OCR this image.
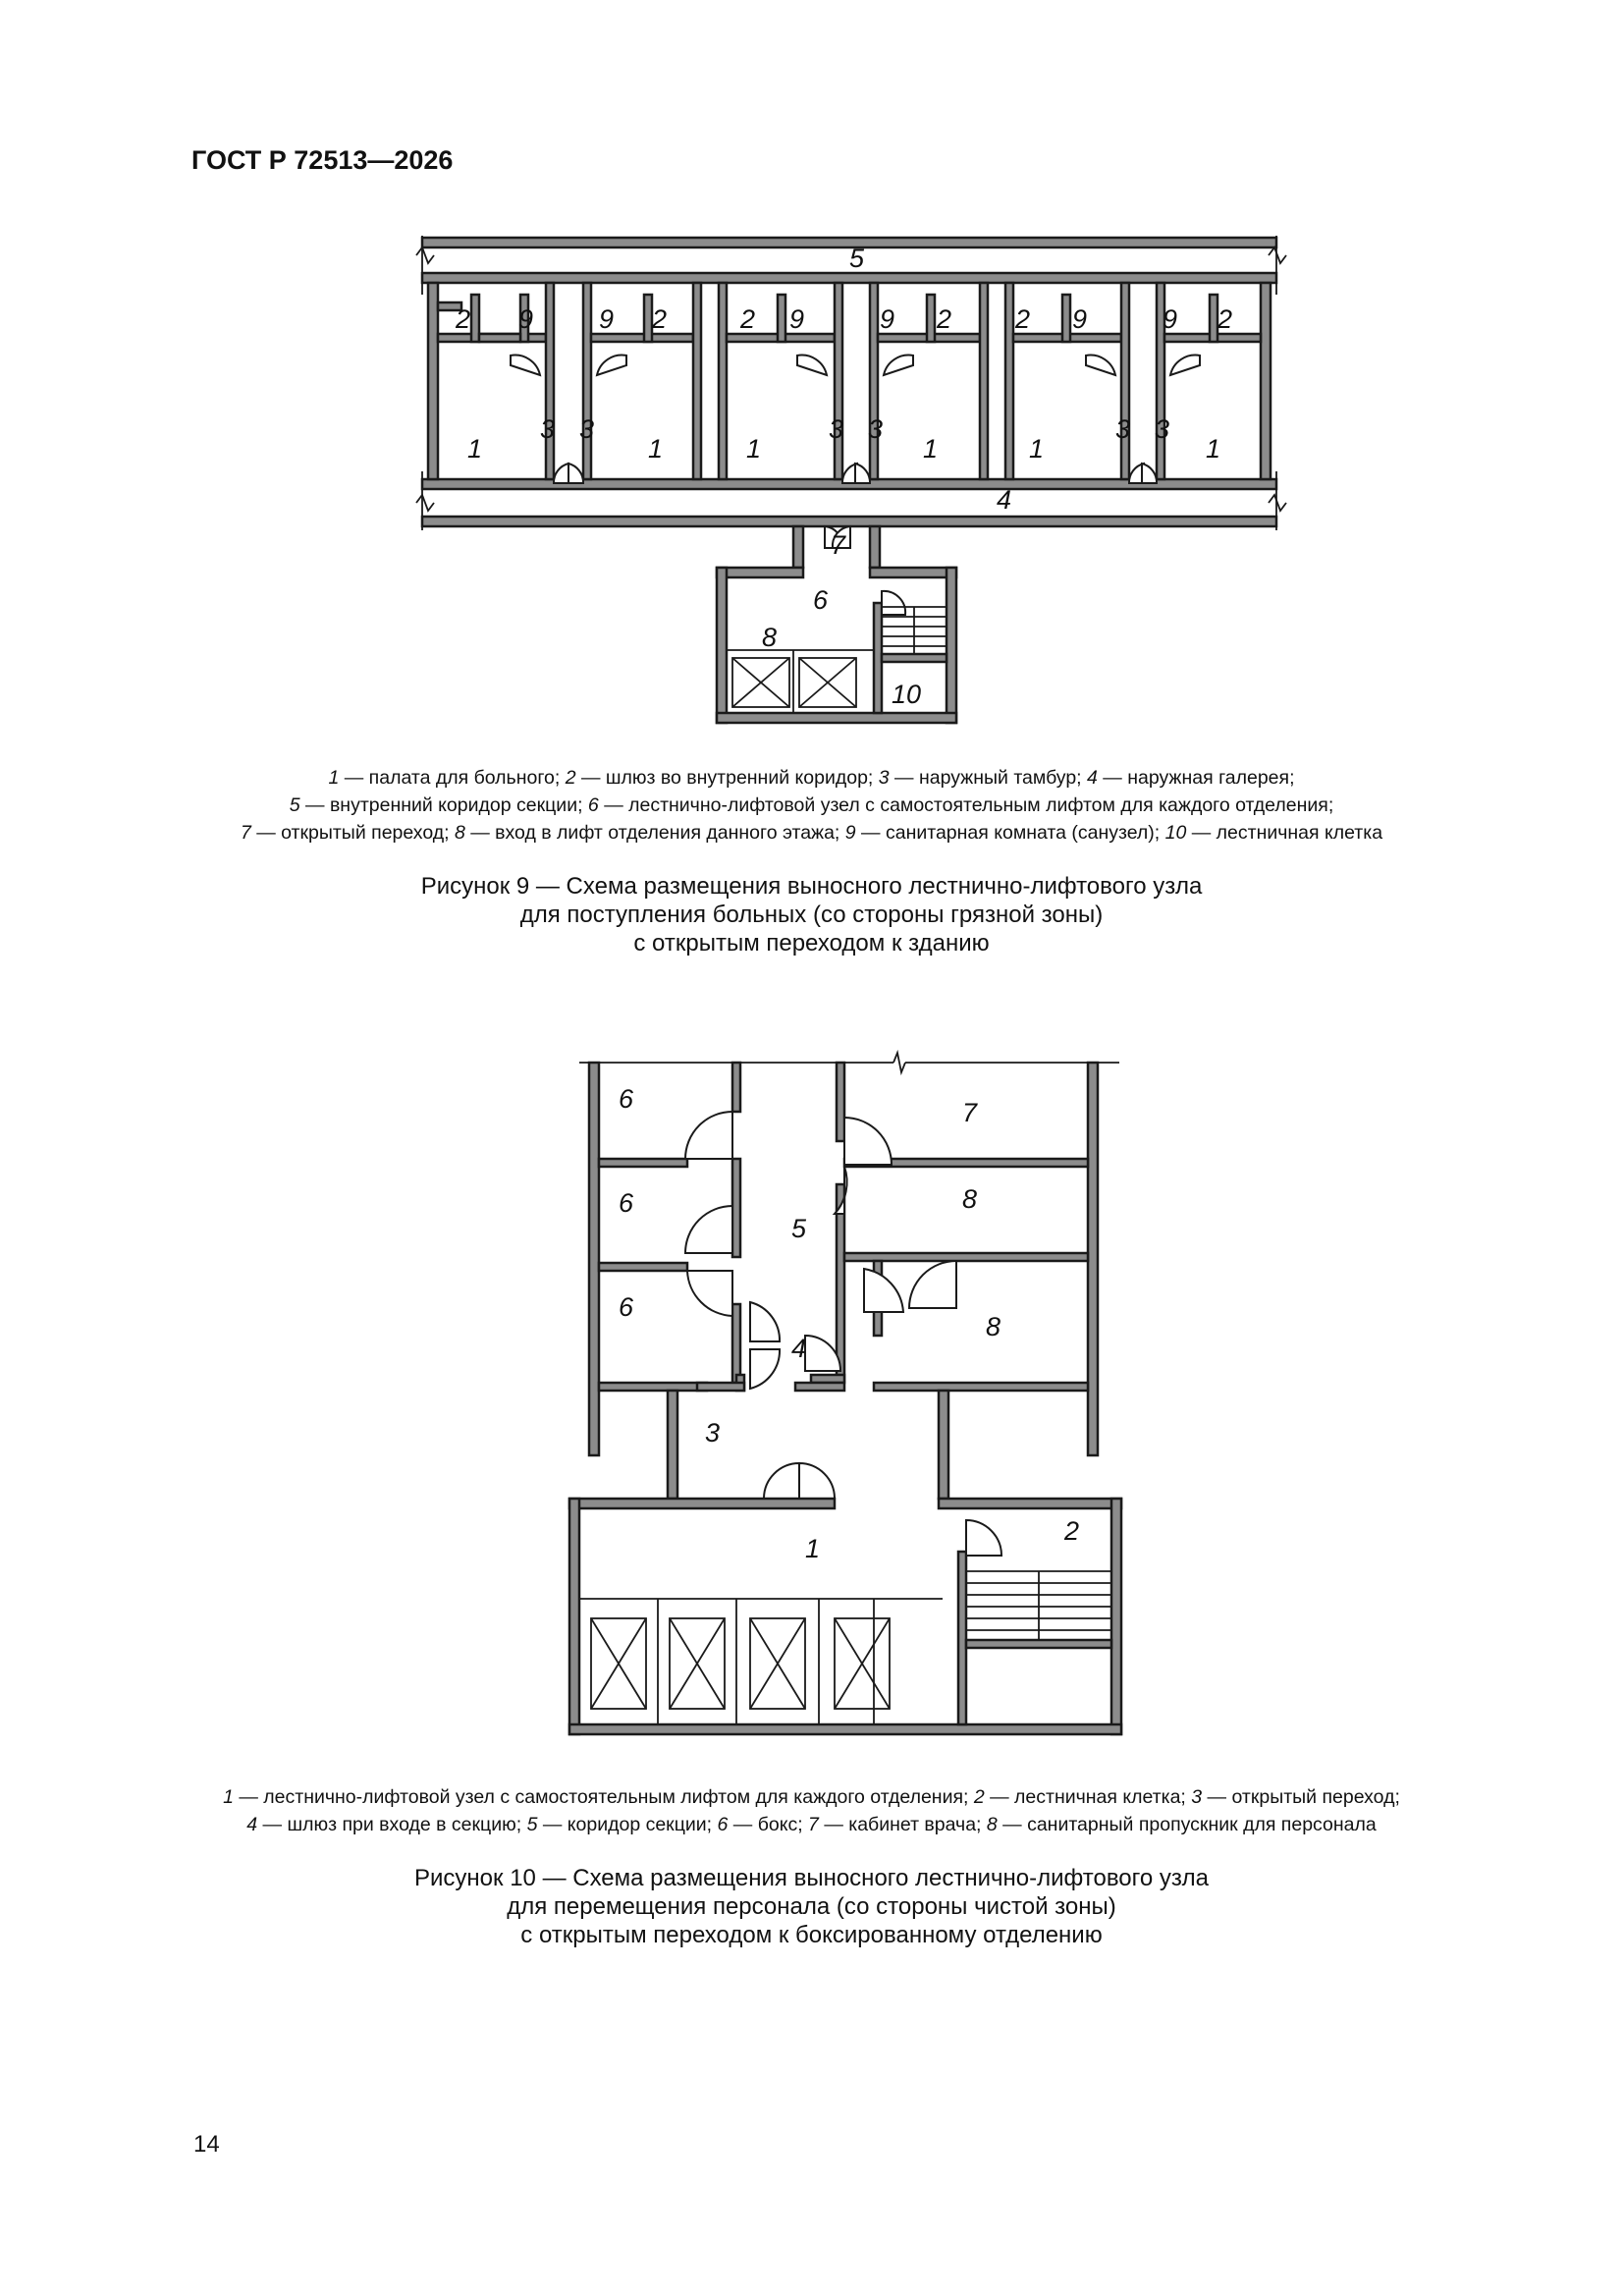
ГОСТ Р 72513—2026
5
4
2 9 9 2	2 9	9 2 2 9	9 2
3 3	3 3	3 3
1	1	1	1	1	1
7
6
8
10
1 — палата для больного; 2 — шлюз во внутренний коридор; 3 — наружный тамбур; 4 — наружная галерея;
5 — внутренний коридор секции; 6 — лестнично-лифтовой узел с самостоятельным лифтом для каждого отделения;
7 — открытый переход; 8 — вход в лифт отделения данного этажа; 9 — санитарная комната (санузел); 10 — лестничная клетка
Рисунок 9 — Схема размещения выносного лестнично-лифтового узла
для поступления больных (со стороны грязной зоны)
с открытым переходом к зданию
6
6
6
7
8
8
5
4
3
1
2
1 — лестнично-лифтовой узел с самостоятельным лифтом для каждого отделения; 2 — лестничная клетка; 3 — открытый переход;
4 — шлюз при входе в секцию; 5 — коридор секции; 6 — бокс; 7 — кабинет врача; 8 — санитарный пропускник для персонала
Рисунок 10 — Схема размещения выносного лестнично-лифтового узла
для перемещения персонала (со стороны чистой зоны)
с открытым переходом к боксированному отделению
14
